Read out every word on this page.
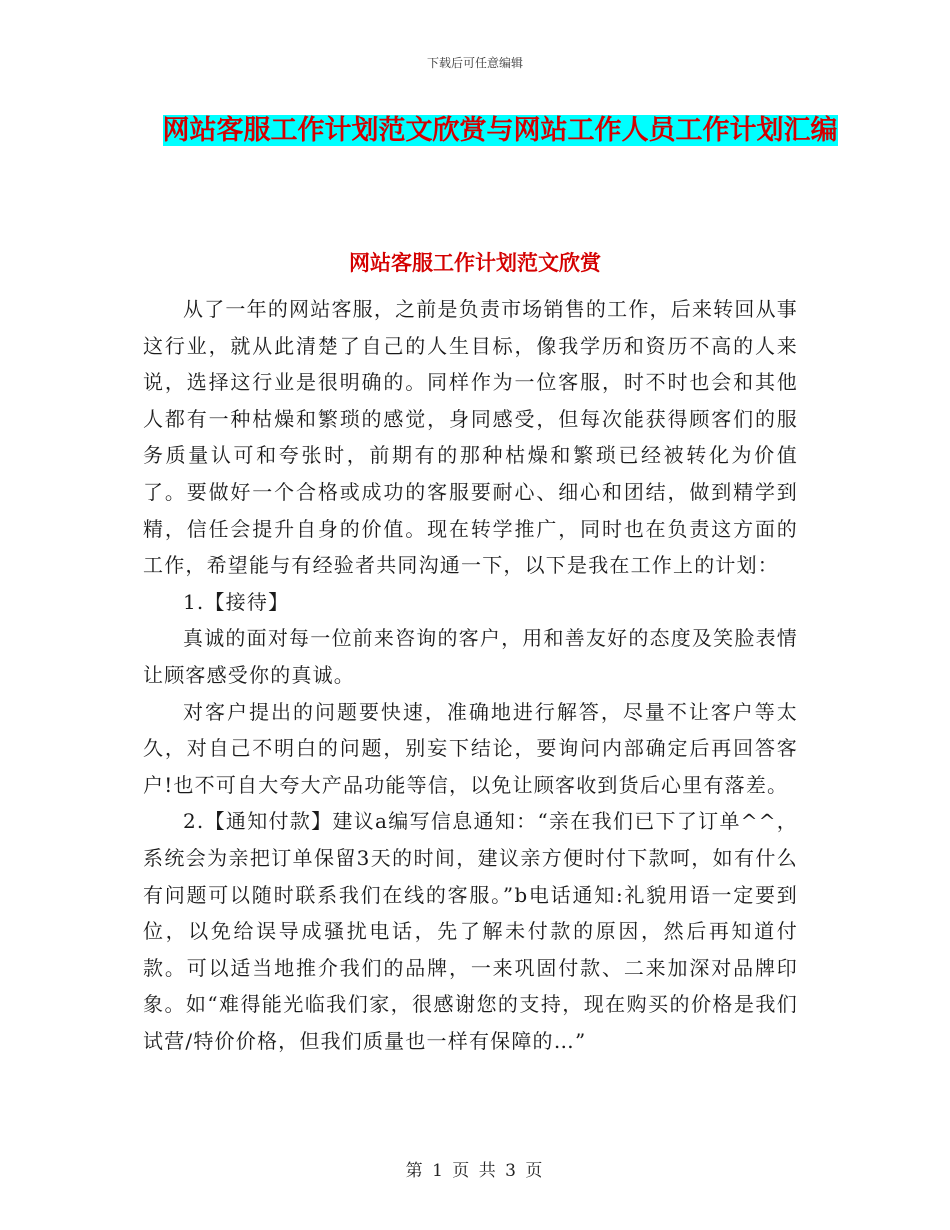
下载后可任意编辑
网站客服工作计划范文欣赏与网站工作人员工作计划汇编
网站客服工作计划范文欣赏

从了一年的网站客服，之前是负责市场销售的工作，后来转回从事这行业，就从此清楚了自己的人生目标，像我学历和资历不高的人来说，选择这行业是很明确的。同样作为一位客服，时不时也会和其他人都有一种枯燥和繁琐的感觉，身同感受，但每次能获得顾客们的服务质量认可和夸张时，前期有的那种枯燥和繁琐已经被转化为价值了。要做好一个合格或成功的客服要耐心、细心和团结，做到精学到精，信任会提升自身的价值。现在转学推广，同时也在负责这方面的工作，希望能与有经验者共同沟通一下，以下是我在工作上的计划：

1.【接待】

真诚的面对每一位前来咨询的客户，用和善友好的态度及笑脸表情让顾客感受你的真诚。

对客户提出的问题要快速，准确地进行解答，尽量不让客户等太久，对自己不明白的问题，别妄下结论，要询问内部确定后再回答客户!也不可自大夸大产品功能等信，以免让顾客收到货后心里有落差。

2.【通知付款】建议a编写信息通知：“亲在我们已下了订单^^，系统会为亲把订单保留3天的时间，建议亲方便时付下款呵，如有什么有问题可以随时联系我们在线的客服。”b电话通知:礼貌用语一定要到位，以免给误导成骚扰电话，先了解未付款的原因，然后再知道付款。可以适当地推介我们的品牌，一来巩固付款、二来加深对品牌印象。如“难得能光临我们家，很感谢您的支持，现在购买的价格是我们试营/特价价格，但我们质量也一样有保障的…”

第 1 页 共 3 页
